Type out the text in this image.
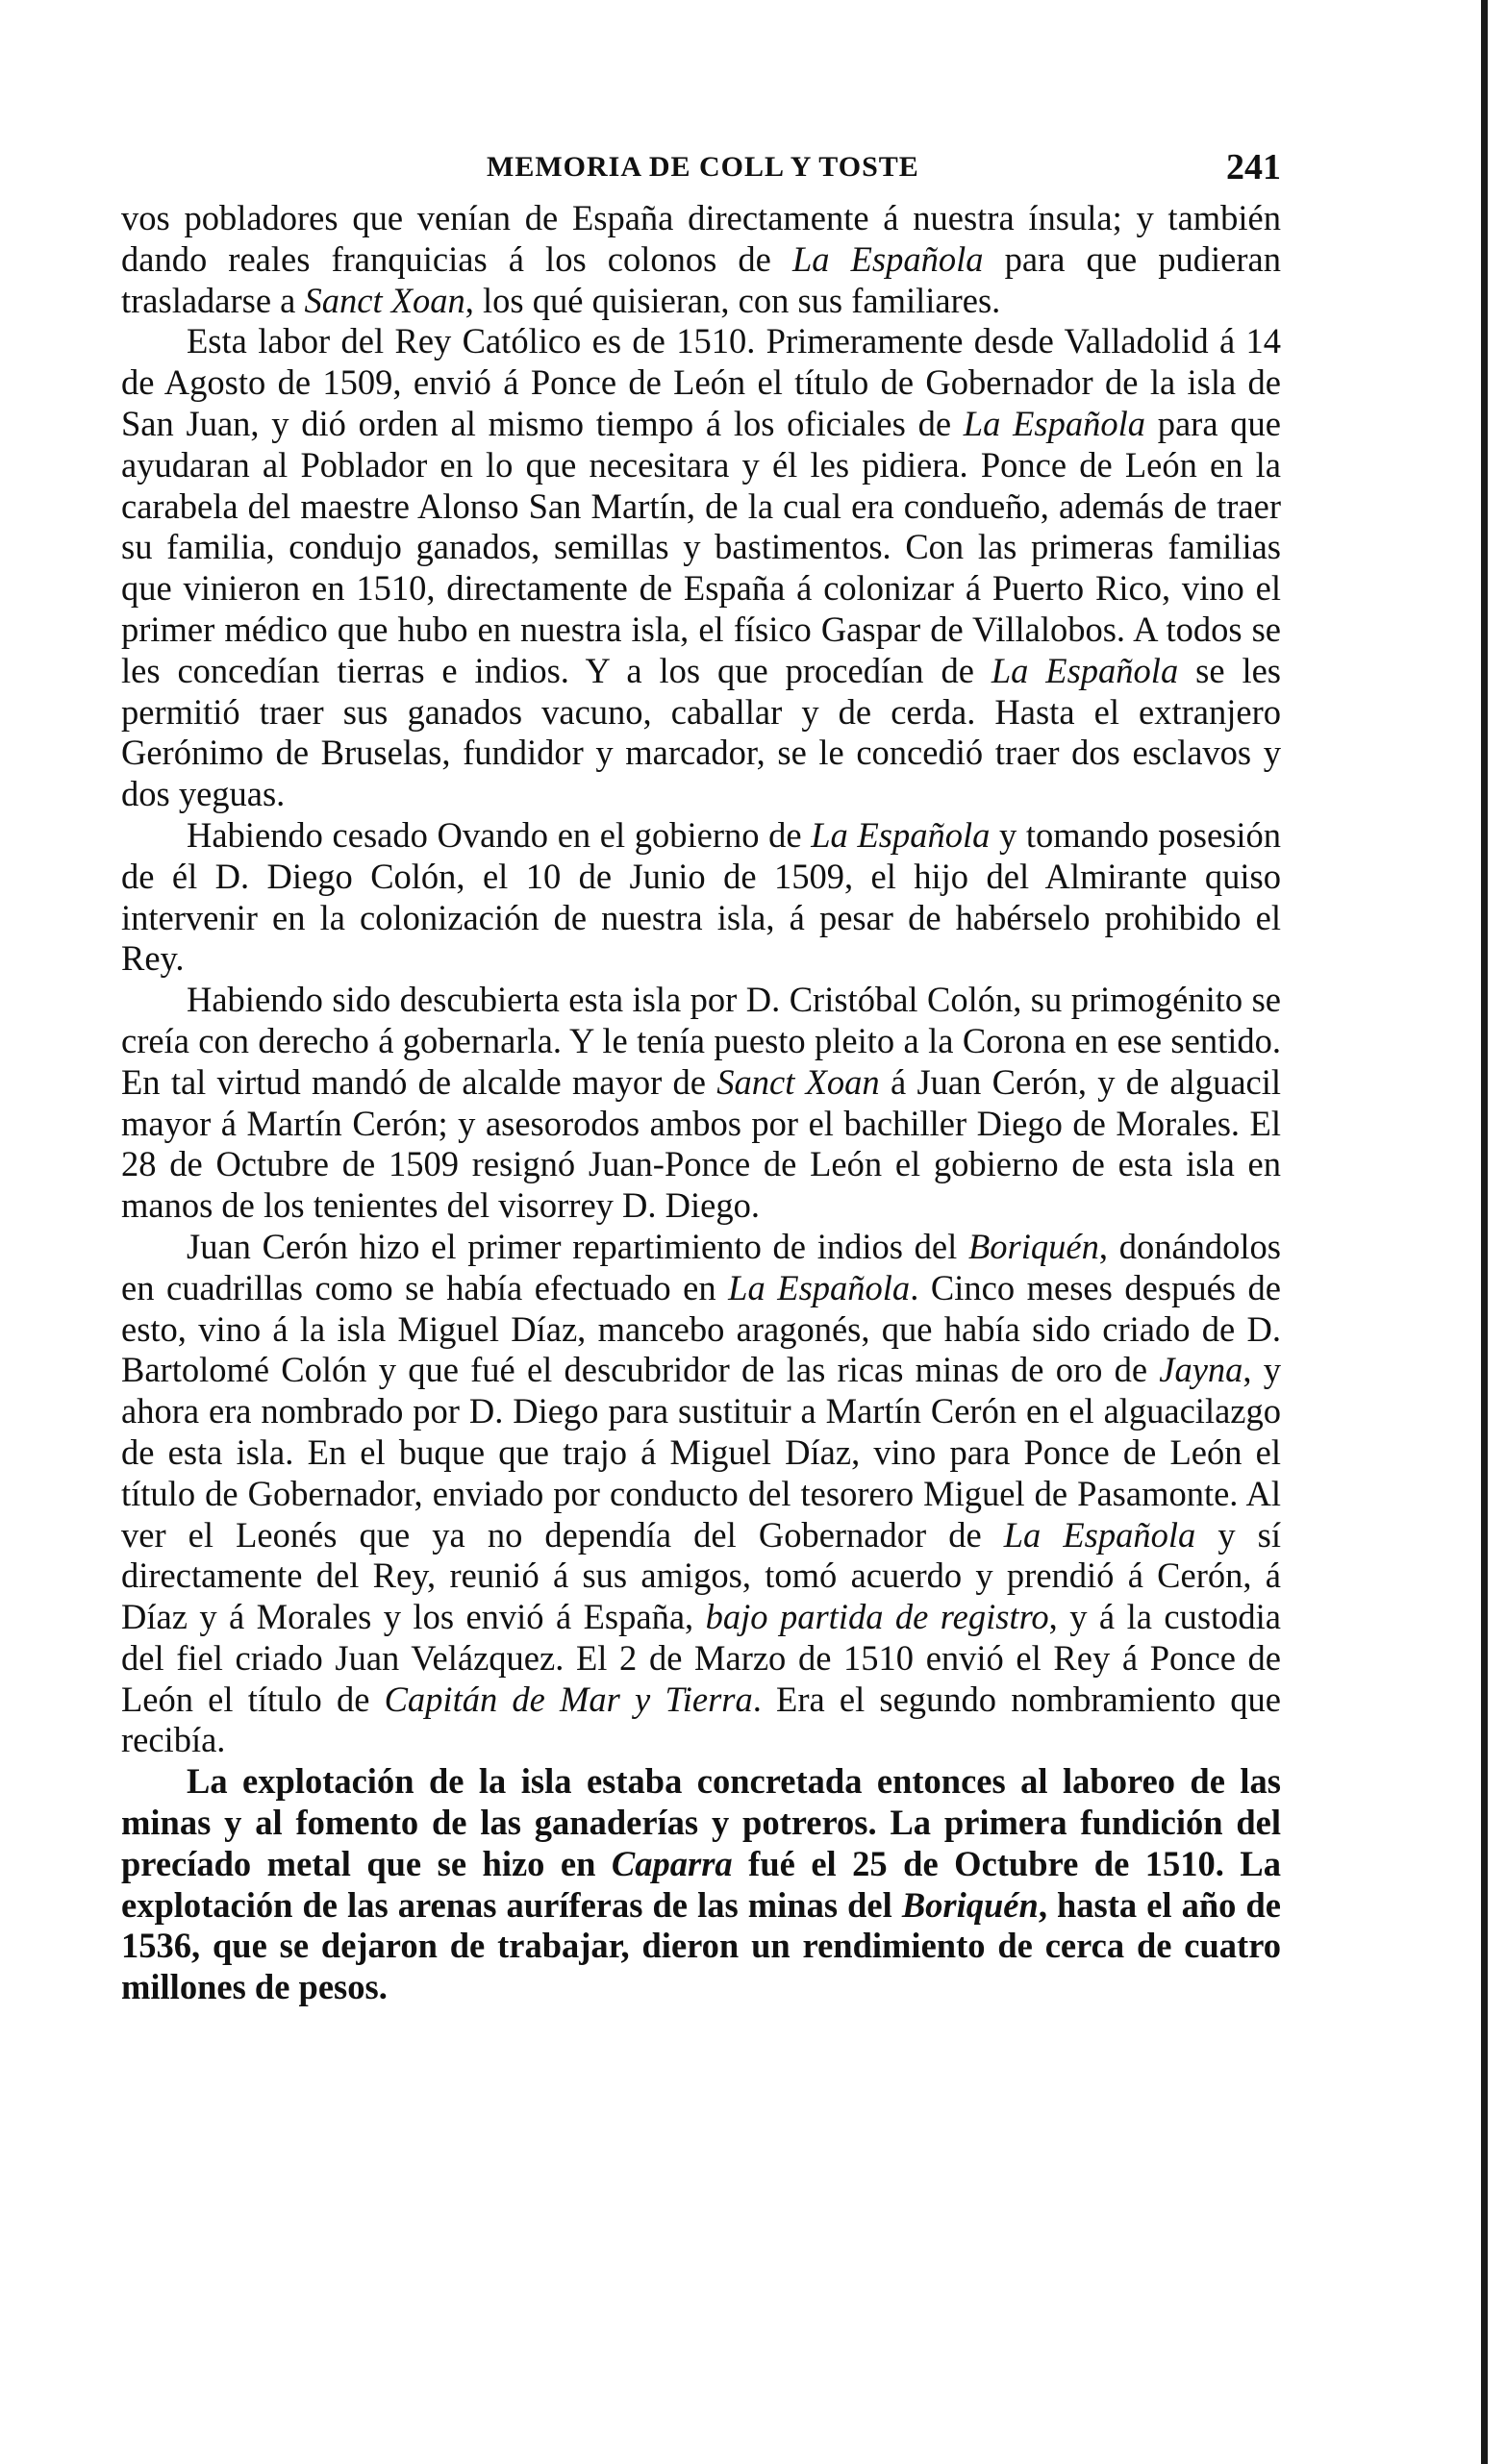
MEMORIA DE COLL Y TOSTE	241

vos pobladores que venían de España directamente á nuestra ínsula; y también dando reales franquicias á los colonos de La Española para que pudieran trasladarse a Sanct Xoan, los qué quisieran, con sus familiares.

Esta labor del Rey Católico es de 1510. Primeramente desde Valladolid á 14 de Agosto de 1509, envió á Ponce de León el título de Gobernador de la isla de San Juan, y dió orden al mismo tiempo á los oficiales de La Española para que ayudaran al Poblador en lo que necesitara y él les pidiera. Ponce de León en la carabela del maestre Alonso San Martín, de la cual era condueño, además de traer su familia, condujo ganados, semillas y bastimentos. Con las primeras familias que vinieron en 1510, directamente de España á colonizar á Puerto Rico, vino el primer médico que hubo en nuestra isla, el físico Gaspar de Villalobos. A todos se les concedían tierras e indios. Y a los que procedían de La Española se les permitió traer sus ganados vacuno, caballar y de cerda. Hasta el extranjero Gerónimo de Bruselas, fundidor y marcador, se le concedió traer dos esclavos y dos yeguas.

Habiendo cesado Ovando en el gobierno de La Española y tomando posesión de él D. Diego Colón, el 10 de Junio de 1509, el hijo del Almirante quiso intervenir en la colonización de nuestra isla, á pesar de habérselo prohibido el Rey.

Habiendo sido descubierta esta isla por D. Cristóbal Colón, su primogénito se creía con derecho á gobernarla. Y le tenía puesto pleito a la Corona en ese sentido. En tal virtud mandó de alcalde mayor de Sanct Xoan á Juan Cerón, y de alguacil mayor á Martín Cerón; y asesorodos ambos por el bachiller Diego de Morales. El 28 de Octubre de 1509 resignó Juan-Ponce de León el gobierno de esta isla en manos de los tenientes del visorrey D. Diego.

Juan Cerón hizo el primer repartimiento de indios del Boriquén, donándolos en cuadrillas como se había efectuado en La Española. Cinco meses después de esto, vino á la isla Miguel Díaz, mancebo aragonés, que había sido criado de D. Bartolomé Colón y que fué el descubridor de las ricas minas de oro de Jayna, y ahora era nombrado por D. Diego para sustituir a Martín Cerón en el alguacilazgo de esta isla. En el buque que trajo á Miguel Díaz, vino para Ponce de León el título de Gobernador, enviado por conducto del tesorero Miguel de Pasamonte. Al ver el Leonés que ya no dependía del Gobernador de La Española y sí directamente del Rey, reunió á sus amigos, tomó acuerdo y prendió á Cerón, á Díaz y á Morales y los envió á España, bajo partida de registro, y á la custodia del fiel criado Juan Velázquez. El 2 de Marzo de 1510 envió el Rey á Ponce de León el título de Capitán de Mar y Tierra. Era el segundo nombramiento que recibía.

La explotación de la isla estaba concretada entonces al laboreo de las minas y al fomento de las ganaderías y potreros. La primera fundición del precíado metal que se hizo en Caparra fué el 25 de Octubre de 1510. La explotación de las arenas auríferas de las minas del Boriquén, hasta el año de 1536, que se dejaron de trabajar, dieron un rendimiento de cerca de cuatro millones de pesos.
